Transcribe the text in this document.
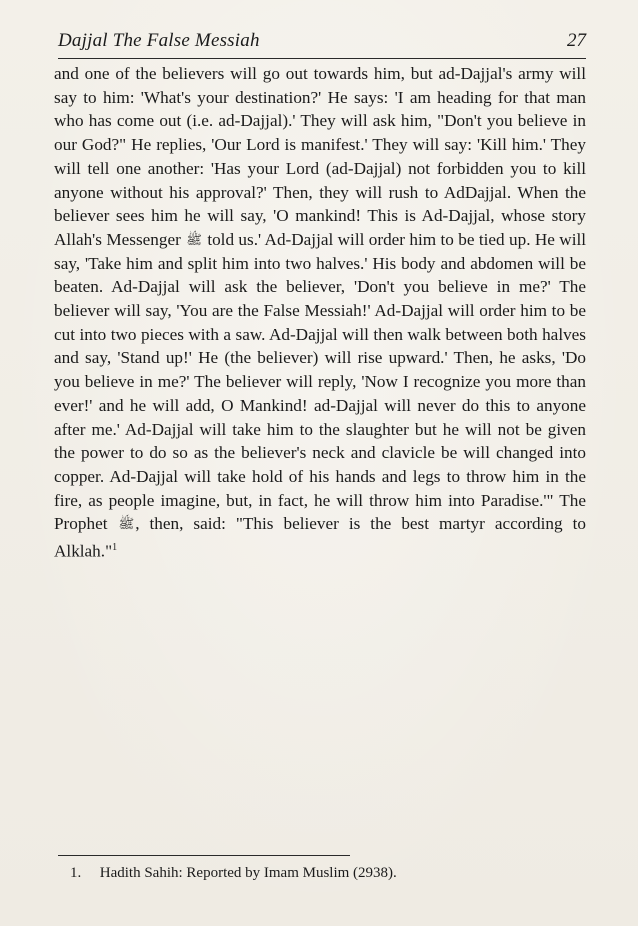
Dajjal The False Messiah	27

and one of the believers will go out towards him, but ad-Dajjal's army will say to him: 'What's your destination?' He says: 'I am heading for that man who has come out (i.e. ad-Dajjal).' They will ask him, "Don't you believe in our God?" He replies, 'Our Lord is manifest.' They will say: 'Kill him.' They will tell one another: 'Has your Lord (ad-Dajjal) not forbidden you to kill anyone without his approval?' Then, they will rush to AdDajjal. When the believer sees him he will say, 'O mankind! This is Ad-Dajjal, whose story Allah's Messenger ﷺ told us.' Ad-Dajjal will order him to be tied up. He will say, 'Take him and split him into two halves.' His body and abdomen will be beaten. Ad-Dajjal will ask the believer, 'Don't you believe in me?' The believer will say, 'You are the False Messiah!' Ad-Dajjal will order him to be cut into two pieces with a saw. Ad-Dajjal will then walk between both halves and say, 'Stand up!' He (the believer) will rise upward.' Then, he asks, 'Do you believe in me?' The believer will reply, 'Now I recognize you more than ever!' and he will add, O Mankind! ad-Dajjal will never do this to anyone after me.' Ad-Dajjal will take him to the slaughter but he will not be given the power to do so as the believer's neck and clavicle be will changed into copper. Ad-Dajjal will take hold of his hands and legs to throw him in the fire, as people imagine, but, in fact, he will throw him into Paradise.'" The Prophet ﷺ, then, said: "This believer is the best martyr according to Alklah."$^1$

1. Hadith Sahih: Reported by Imam Muslim (2938).
